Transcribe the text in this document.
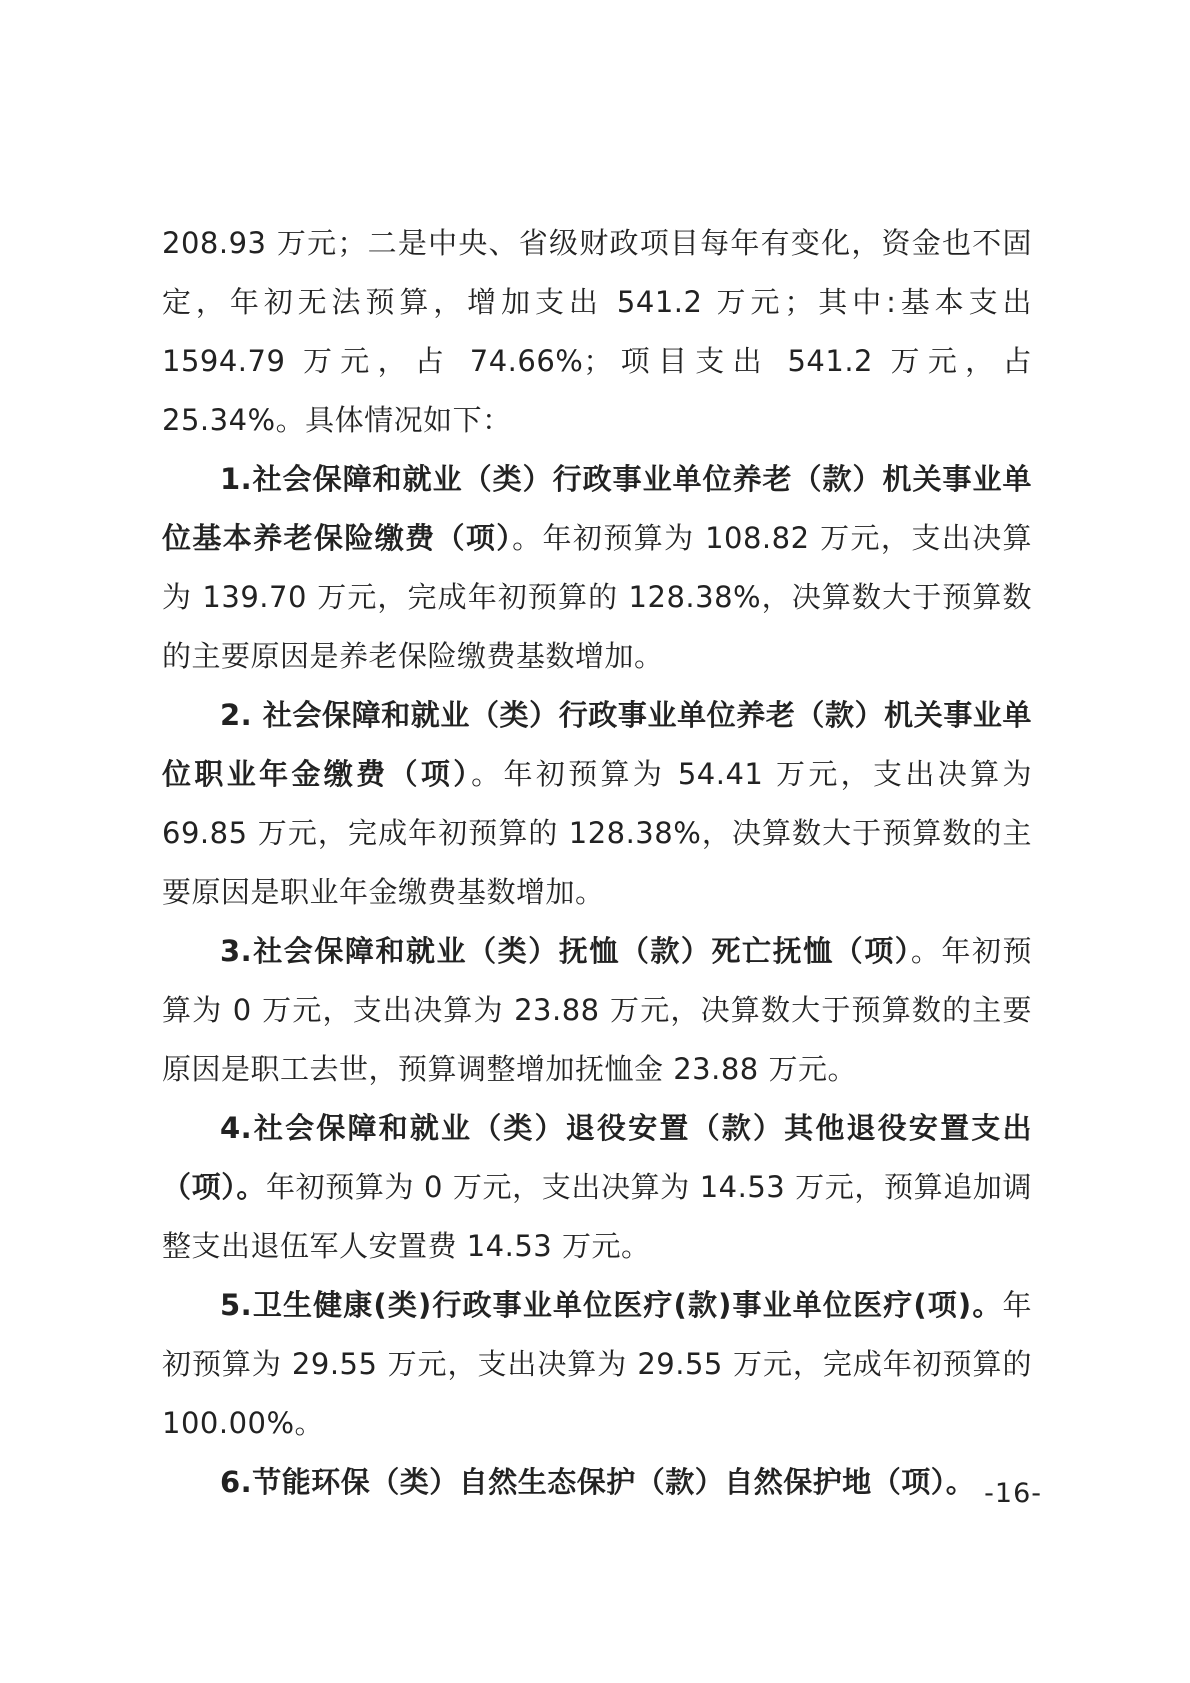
208.93 万元；二是中央、省级财政项目每年有变化，资金也不固定，年初无法预算，增加支出 541.2 万元；其中:基本支出 1594.79 万元，占 74.66%；项目支出 541.2 万元，占 25.34%。具体情况如下：

1.社会保障和就业（类）行政事业单位养老（款）机关事业单位基本养老保险缴费（项）。年初预算为 108.82 万元，支出决算为 139.70 万元，完成年初预算的 128.38%，决算数大于预算数的主要原因是养老保险缴费基数增加。

2. 社会保障和就业（类）行政事业单位养老（款）机关事业单位职业年金缴费（项）。年初预算为 54.41 万元，支出决算为 69.85 万元，完成年初预算的 128.38%，决算数大于预算数的主要原因是职业年金缴费基数增加。

3.社会保障和就业（类）抚恤（款）死亡抚恤（项）。年初预算为 0 万元，支出决算为 23.88 万元，决算数大于预算数的主要原因是职工去世，预算调整增加抚恤金 23.88 万元。

4.社会保障和就业（类）退役安置（款）其他退役安置支出（项）。年初预算为 0 万元，支出决算为 14.53 万元，预算追加调整支出退伍军人安置费 14.53 万元。

5.卫生健康(类)行政事业单位医疗(款)事业单位医疗(项)。年初预算为 29.55 万元，支出决算为 29.55 万元，完成年初预算的 100.00%。

6.节能环保（类）自然生态保护（款）自然保护地（项）。 -16-
